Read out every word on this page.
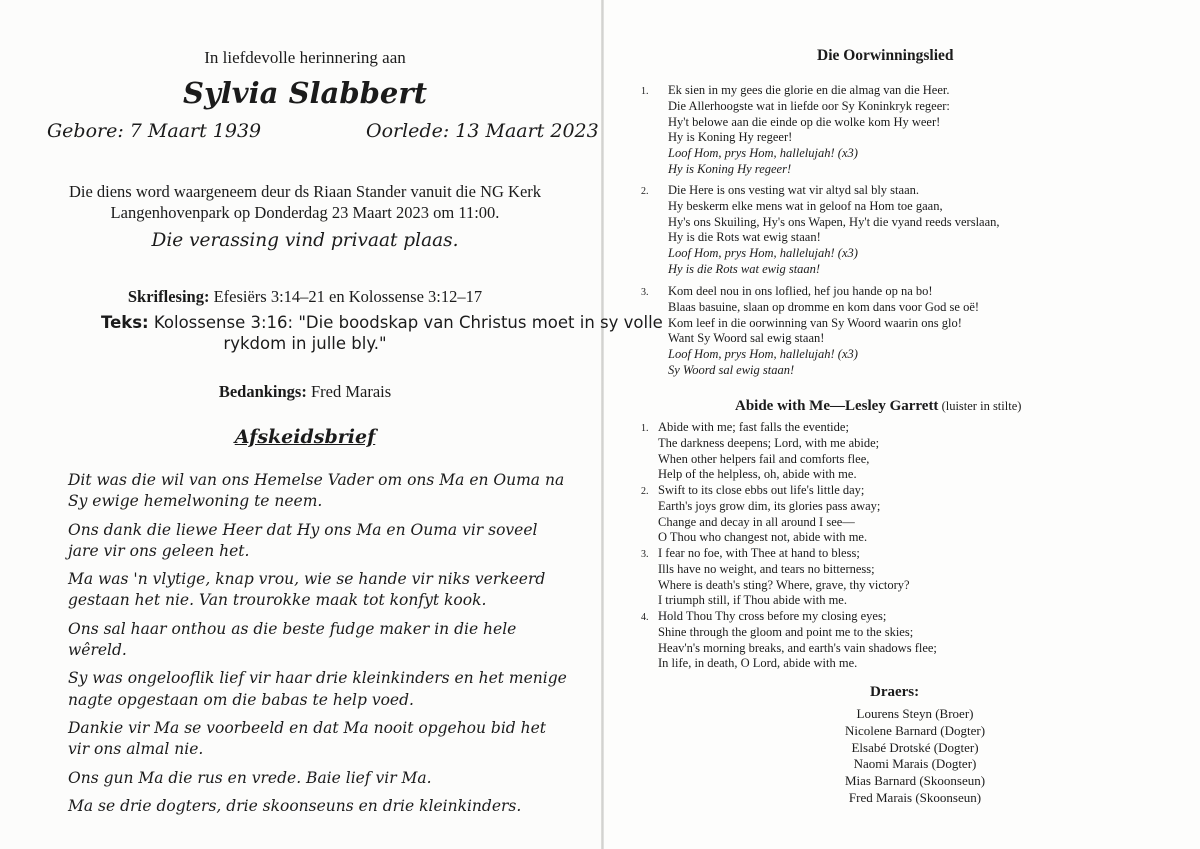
In liefdevolle herinnering aan
Sylvia Slabbert
Gebore: 7 Maart 1939	Oorlede: 13 Maart 2023
Die diens word waargeneem deur ds Riaan Stander vanuit die NG Kerk
Langenhovenpark op Donderdag 23 Maart 2023 om 11:00.
Die verassing vind privaat plaas.
Skriflesing: Efesiërs 3:14–21 en Kolossense 3:12–17
Teks: Kolossense 3:16: "Die boodskap van Christus moet in sy volle
rykdom in julle bly."
Bedankings: Fred Marais
Afskeidsbrief

Dit was die wil van ons Hemelse Vader om ons Ma en Ouma na Sy ewige hemelwoning te neem.

Ons dank die liewe Heer dat Hy ons Ma en Ouma vir soveel jare vir ons geleen het.

Ma was 'n vlytige, knap vrou, wie se hande vir niks verkeerd gestaan het nie. Van trourokke maak tot konfyt kook.

Ons sal haar onthou as die beste fudge maker in die hele wêreld.

Sy was ongelooflik lief vir haar drie kleinkinders en het menige nagte opgestaan om die babas te help voed.

Dankie vir Ma se voorbeeld en dat Ma nooit opgehou bid het vir ons almal nie.

Ons gun Ma die rus en vrede. Baie lief vir Ma.

Ma se drie dogters, drie skoonseuns en drie kleinkinders.

Die Oorwinningslied
1. Ek sien in my gees die glorie en die almag van die Heer.
Die Allerhoogste wat in liefde oor Sy Koninkryk regeer:
Hy't belowe aan die einde op die wolke kom Hy weer!
Hy is Koning Hy regeer!
Loof Hom, prys Hom, hallelujah! (x3)
Hy is Koning Hy regeer!
2. Die Here is ons vesting wat vir altyd sal bly staan.
Hy beskerm elke mens wat in geloof na Hom toe gaan,
Hy's ons Skuiling, Hy's ons Wapen, Hy't die vyand reeds verslaan,
Hy is die Rots wat ewig staan!
Loof Hom, prys Hom, hallelujah! (x3)
Hy is die Rots wat ewig staan!
3. Kom deel nou in ons loflied, hef jou hande op na bo!
Blaas basuine, slaan op dromme en kom dans voor God se oë!
Kom leef in die oorwinning van Sy Woord waarin ons glo!
Want Sy Woord sal ewig staan!
Loof Hom, prys Hom, hallelujah! (x3)
Sy Woord sal ewig staan!
Abide with Me—Lesley Garrett (luister in stilte)
1. Abide with me; fast falls the eventide;
The darkness deepens; Lord, with me abide;
When other helpers fail and comforts flee,
Help of the helpless, oh, abide with me.
2. Swift to its close ebbs out life's little day;
Earth's joys grow dim, its glories pass away;
Change and decay in all around I see—
O Thou who changest not, abide with me.
3. I fear no foe, with Thee at hand to bless;
Ills have no weight, and tears no bitterness;
Where is death's sting? Where, grave, thy victory?
I triumph still, if Thou abide with me.
4. Hold Thou Thy cross before my closing eyes;
Shine through the gloom and point me to the skies;
Heav'n's morning breaks, and earth's vain shadows flee;
In life, in death, O Lord, abide with me.
Draers:
Lourens Steyn (Broer)
Nicolene Barnard (Dogter)
Elsabé Drotské (Dogter)
Naomi Marais (Dogter)
Mias Barnard (Skoonseun)
Fred Marais (Skoonseun)
